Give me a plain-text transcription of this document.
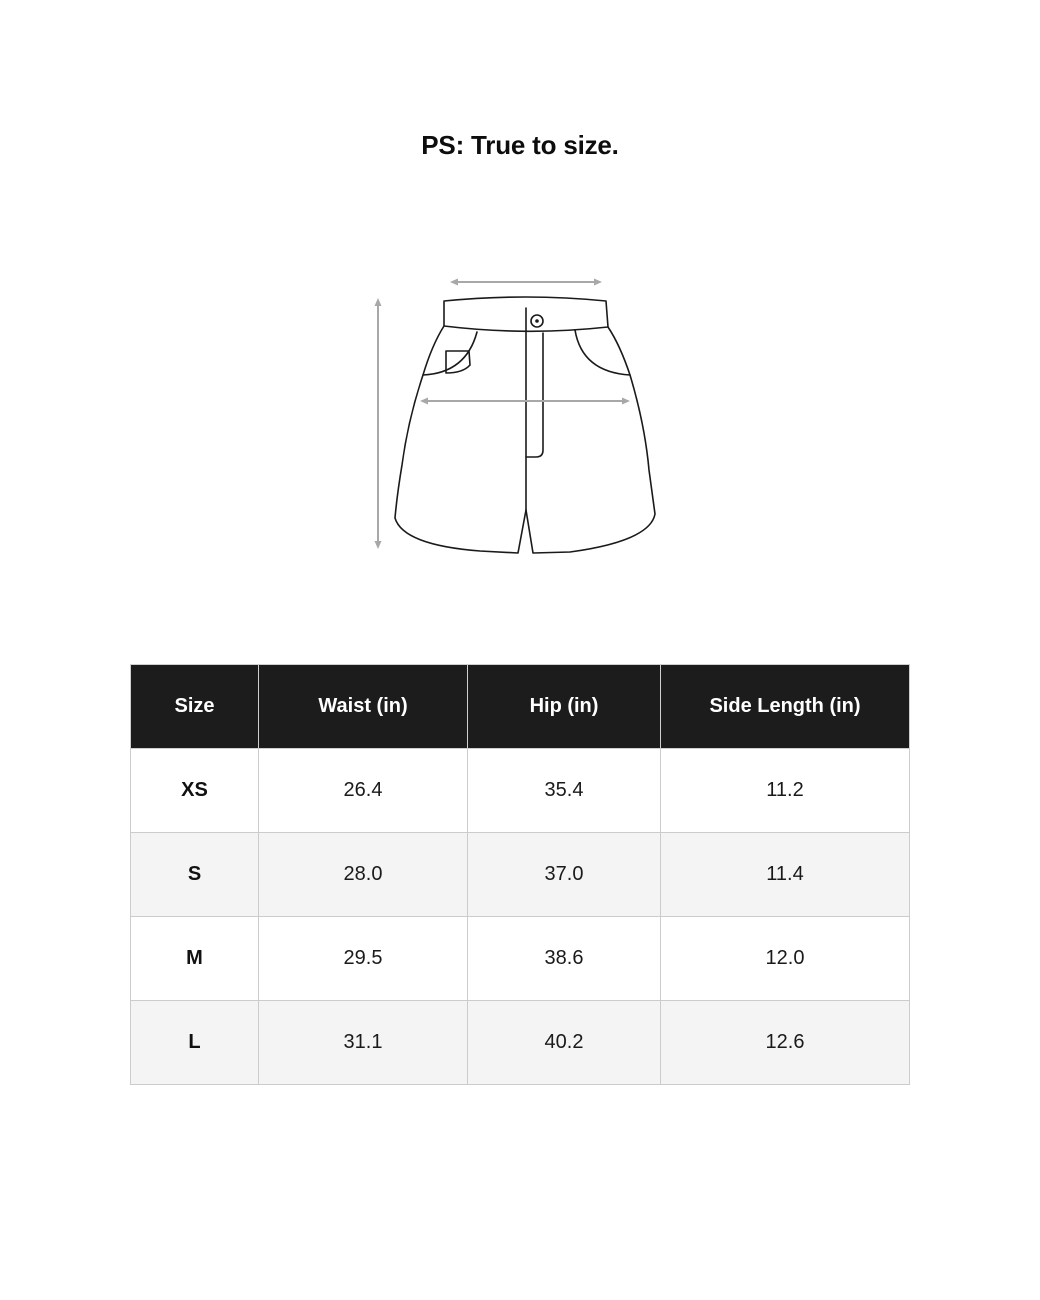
PS: True to size.
Size	Waist (in)	Hip (in)	Side Length (in)
XS	26.4	35.4	11.2
S	28.0	37.0	11.4
M	29.5	38.6	12.0
L	31.1	40.2	12.6
